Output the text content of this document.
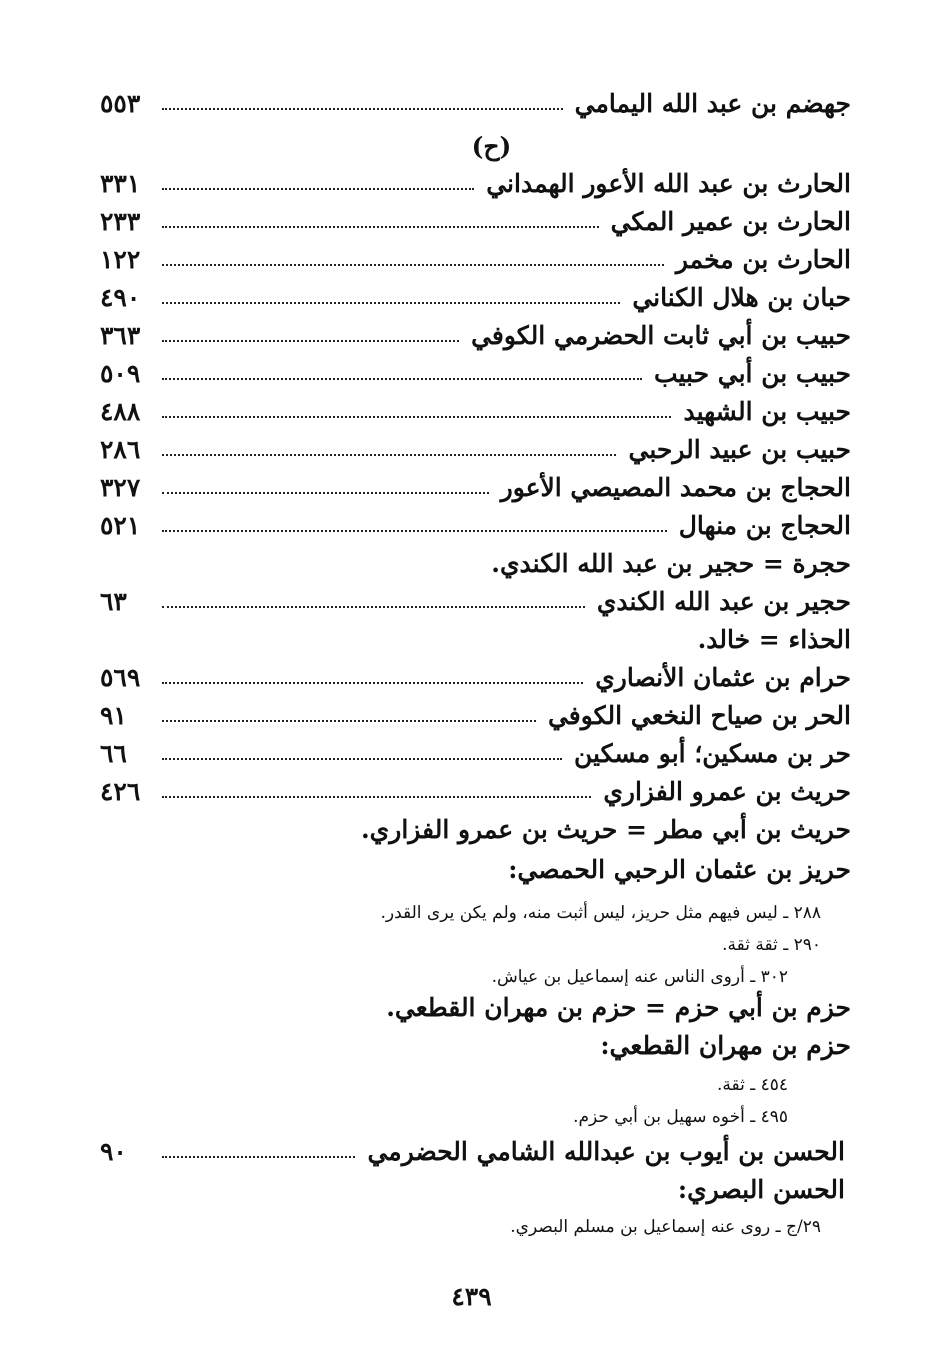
جهضم بن عبد الله اليمامي
٥٥٣
(ح)
الحارث بن عبد الله الأعور الهمداني
٣٣١
الحارث بن عمير المكي
٢٣٣
الحارث بن مخمر
١٢٢
حبان بن هلال الكناني
٤٩٠
حبيب بن أبي ثابت الحضرمي الكوفي
٣٦٣
حبيب بن أبي حبيب
٥٠٩
حبيب بن الشهيد
٤٨٨
حبيب بن عبيد الرحبي
٢٨٦
الحجاج بن محمد المصيصي الأعور
٣٢٧
الحجاج بن منهال
٥٢١
حجرة = حجير بن عبد الله الكندي.
حجير بن عبد الله الكندي
٦٣
الحذاء = خالد.
حرام بن عثمان الأنصاري
٥٦٩
الحر بن صياح النخعي الكوفي
٩١
حر بن مسكين؛ أبو مسكين
٦٦
حريث بن عمرو الفزاري
٤٢٦
حريث بن أبي مطر = حريث بن عمرو الفزاري.
حريز بن عثمان الرحبي الحمصي:
٢٨٨ ـ ليس فيهم مثل حريز، ليس أثبت منه، ولم يكن يرى القدر.
٢٩٠ ـ ثقة ثقة.
٣٠٢ ـ أروى الناس عنه إسماعيل بن عياش.
حزم بن أبي حزم = حزم بن مهران القطعي.
حزم بن مهران القطعي:
٤٥٤ ـ ثقة.
٤٩٥ ـ أخوه سهيل بن أبي حزم.
الحسن بن أيوب بن عبدالله الشامي الحضرمي
٩٠
الحسن البصري:
٢٩/ج ـ روى عنه إسماعيل بن مسلم البصري.
٤٣٩
